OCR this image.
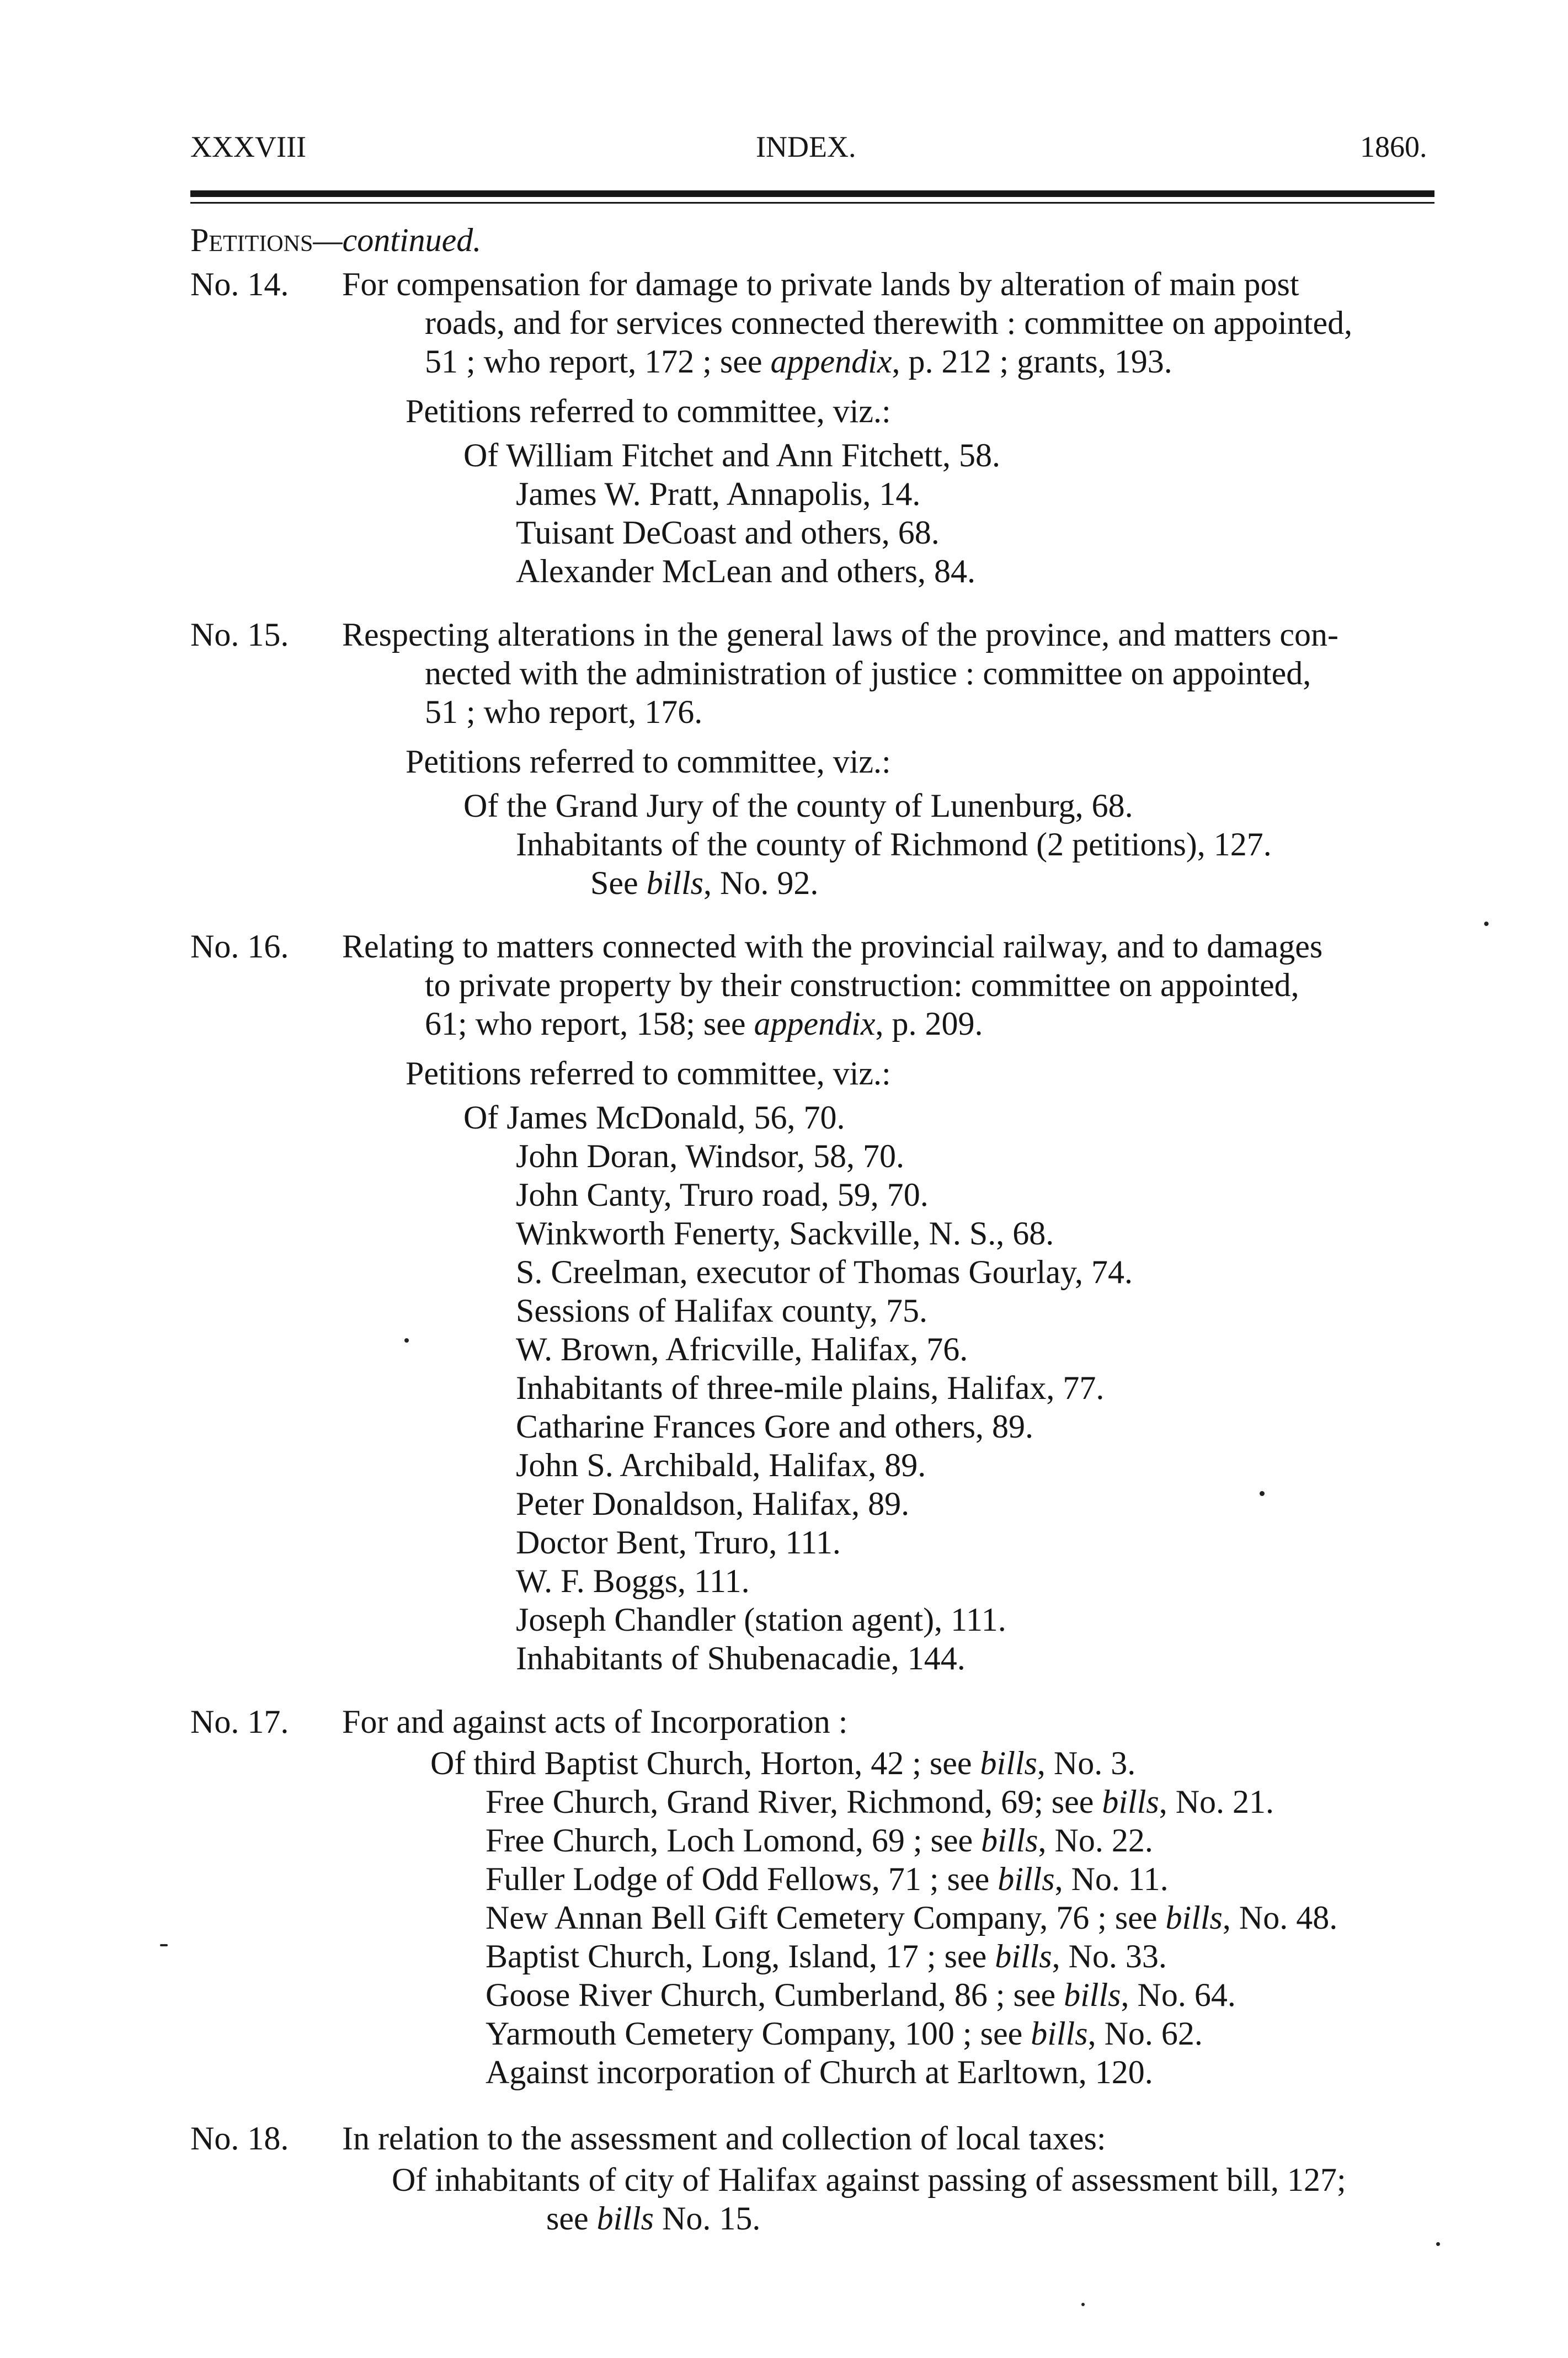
XXXVIII	INDEX.	1860.
Petitions—continued.
No. 14. For compensation for damage to private lands by alteration of main post
roads, and for services connected therewith : committee on appointed,
51 ; who report, 172 ; see appendix, p. 212 ; grants, 193.
Petitions referred to committee, viz.:
Of William Fitchet and Ann Fitchett, 58.
James W. Pratt, Annapolis, 14.
Tuisant DeCoast and others, 68.
Alexander McLean and others, 84.
No. 15. Respecting alterations in the general laws of the province, and matters con-
nected with the administration of justice : committee on appointed,
51 ; who report, 176.
Petitions referred to committee, viz.:
Of the Grand Jury of the county of Lunenburg, 68.
Inhabitants of the county of Richmond (2 petitions), 127.
See bills, No. 92.
No. 16. Relating to matters connected with the provincial railway, and to damages
to private property by their construction: committee on appointed,
61; who report, 158; see appendix, p. 209.
Petitions referred to committee, viz.:
Of James McDonald, 56, 70.
John Doran, Windsor, 58, 70.
John Canty, Truro road, 59, 70.
Winkworth Fenerty, Sackville, N. S., 68.
S. Creelman, executor of Thomas Gourlay, 74.
Sessions of Halifax county, 75.
W. Brown, Africville, Halifax, 76.
Inhabitants of three-mile plains, Halifax, 77.
Catharine Frances Gore and others, 89.
John S. Archibald, Halifax, 89.
Peter Donaldson, Halifax, 89.
Doctor Bent, Truro, 111.
W. F. Boggs, 111.
Joseph Chandler (station agent), 111.
Inhabitants of Shubenacadie, 144.
No. 17. For and against acts of Incorporation :
Of third Baptist Church, Horton, 42 ; see bills, No. 3.
Free Church, Grand River, Richmond, 69; see bills, No. 21.
Free Church, Loch Lomond, 69 ; see bills, No. 22.
Fuller Lodge of Odd Fellows, 71 ; see bills, No. 11.
New Annan Bell Gift Cemetery Company, 76 ; see bills, No. 48.
Baptist Church, Long, Island, 17 ; see bills, No. 33.
Goose River Church, Cumberland, 86 ; see bills, No. 64.
Yarmouth Cemetery Company, 100 ; see bills, No. 62.
Against incorporation of Church at Earltown, 120.
No. 18. In relation to the assessment and collection of local taxes:
Of inhabitants of city of Halifax against passing of assessment bill, 127;
see bills No. 15.
